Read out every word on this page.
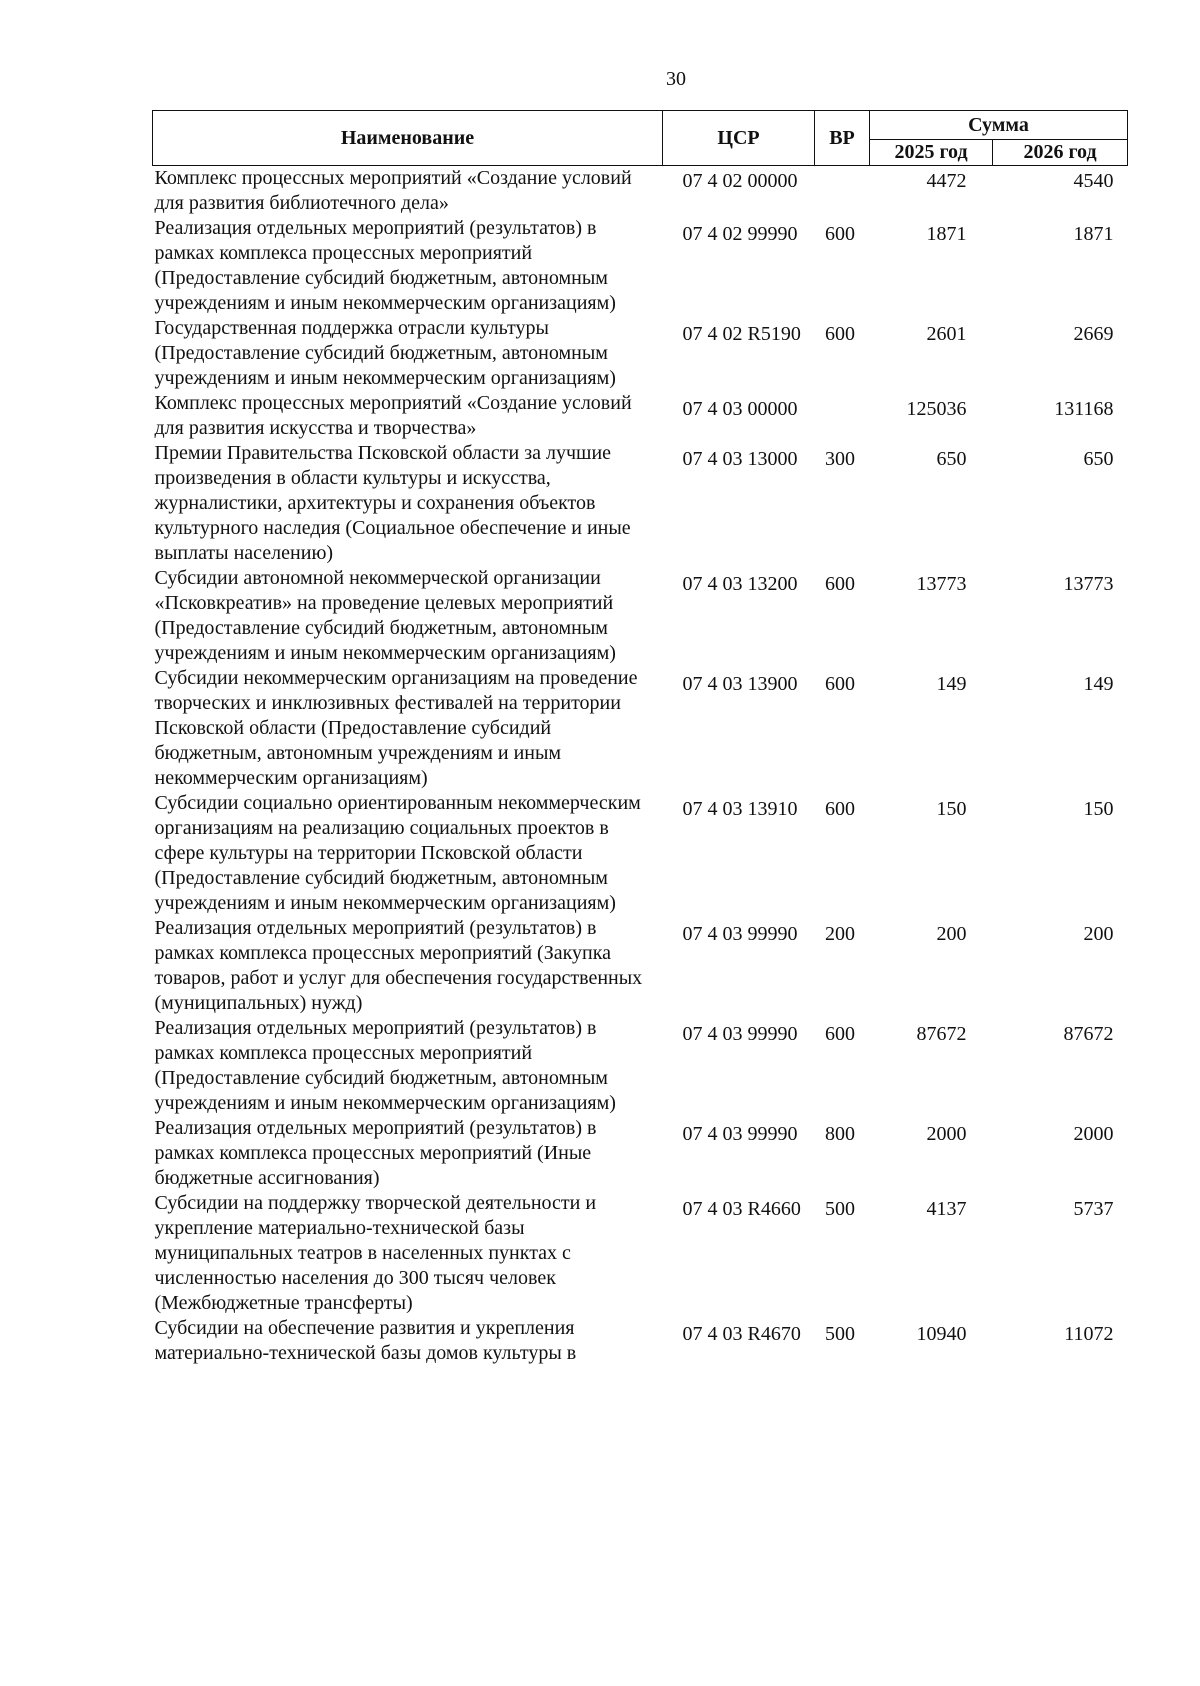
30
Наименование	ЦСР	ВР	Сумма	
			2025 год	2026 год
Комплекс процессных мероприятий «Создание условий для развития библиотечного дела»	07 4 02 00000		4472	4540
Реализация отдельных мероприятий (результатов) в рамках комплекса процессных мероприятий (Предоставление субсидий бюджетным, автономным учреждениям и иным некоммерческим организациям)	07 4 02 99990	600	1871	1871
Государственная поддержка отрасли культуры (Предоставление субсидий бюджетным, автономным учреждениям и иным некоммерческим организациям)	07 4 02 R5190	600	2601	2669
Комплекс процессных мероприятий «Создание условий для развития искусства и творчества»	07 4 03 00000		125036	131168
Премии Правительства Псковской области за лучшие произведения в области культуры и искусства, журналистики, архитектуры и сохранения объектов культурного наследия (Социальное обеспечение и иные выплаты населению)	07 4 03 13000	300	650	650
Субсидии автономной некоммерческой организации «Псковкреатив» на проведение целевых мероприятий (Предоставление субсидий бюджетным, автономным учреждениям и иным некоммерческим организациям)	07 4 03 13200	600	13773	13773
Субсидии некоммерческим организациям на проведение творческих и инклюзивных фестивалей на территории Псковской области (Предоставление субсидий бюджетным, автономным учреждениям и иным некоммерческим организациям)	07 4 03 13900	600	149	149
Субсидии социально ориентированным некоммерческим организациям на реализацию социальных проектов в сфере культуры на территории Псковской области (Предоставление субсидий бюджетным, автономным учреждениям и иным некоммерческим организациям)	07 4 03 13910	600	150	150
Реализация отдельных мероприятий (результатов) в рамках комплекса процессных мероприятий (Закупка товаров, работ и услуг для обеспечения государственных (муниципальных) нужд)	07 4 03 99990	200	200	200
Реализация отдельных мероприятий (результатов) в рамках комплекса процессных мероприятий (Предоставление субсидий бюджетным, автономным учреждениям и иным некоммерческим организациям)	07 4 03 99990	600	87672	87672
Реализация отдельных мероприятий (результатов) в рамках комплекса процессных мероприятий (Иные бюджетные ассигнования)	07 4 03 99990	800	2000	2000
Субсидии на поддержку творческой деятельности и укрепление материально-технической базы муниципальных театров в населенных пунктах с численностью населения до 300 тысяч человек (Межбюджетные трансферты)	07 4 03 R4660	500	4137	5737
Субсидии на обеспечение развития и укрепления материально-технической базы домов культуры в	07 4 03 R4670	500	10940	11072
